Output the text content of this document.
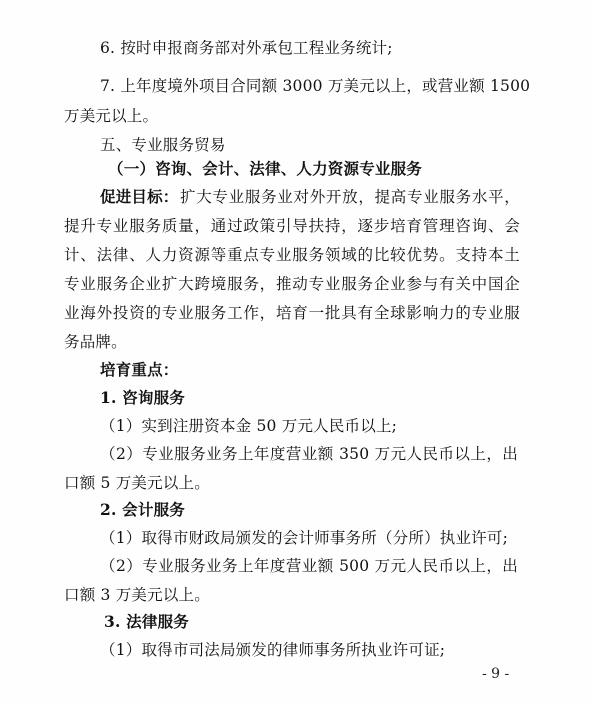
6. 按时申报商务部对外承包工程业务统计;
7. 上年度境外项目合同额 3000 万美元以上，或营业额 1500
万美元以上。
五、专业服务贸易
（一）咨询、会计、法律、人力资源专业服务
促进目标： 扩大专业服务业对外开放，提高专业服务水平，
提升专业服务质量，通过政策引导扶持，逐步培育管理咨询、会
计、法律、人力资源等重点专业服务领域的比较优势。支持本土
专业服务企业扩大跨境服务，推动专业服务企业参与有关中国企
业海外投资的专业服务工作，培育一批具有全球影响力的专业服
务品牌。
培育重点：
1. 咨询服务
（1）实到注册资本金 50 万元人民币以上;
（2）专业服务业务上年度营业额 350 万元人民币以上，出
口额 5 万美元以上。
2. 会计服务
（1）取得市财政局颁发的会计师事务所（分所）执业许可;
（2）专业服务业务上年度营业额 500 万元人民币以上，出
口额 3 万美元以上。
3. 法律服务
（1）取得市司法局颁发的律师事务所执业许可证;
- 9 -
